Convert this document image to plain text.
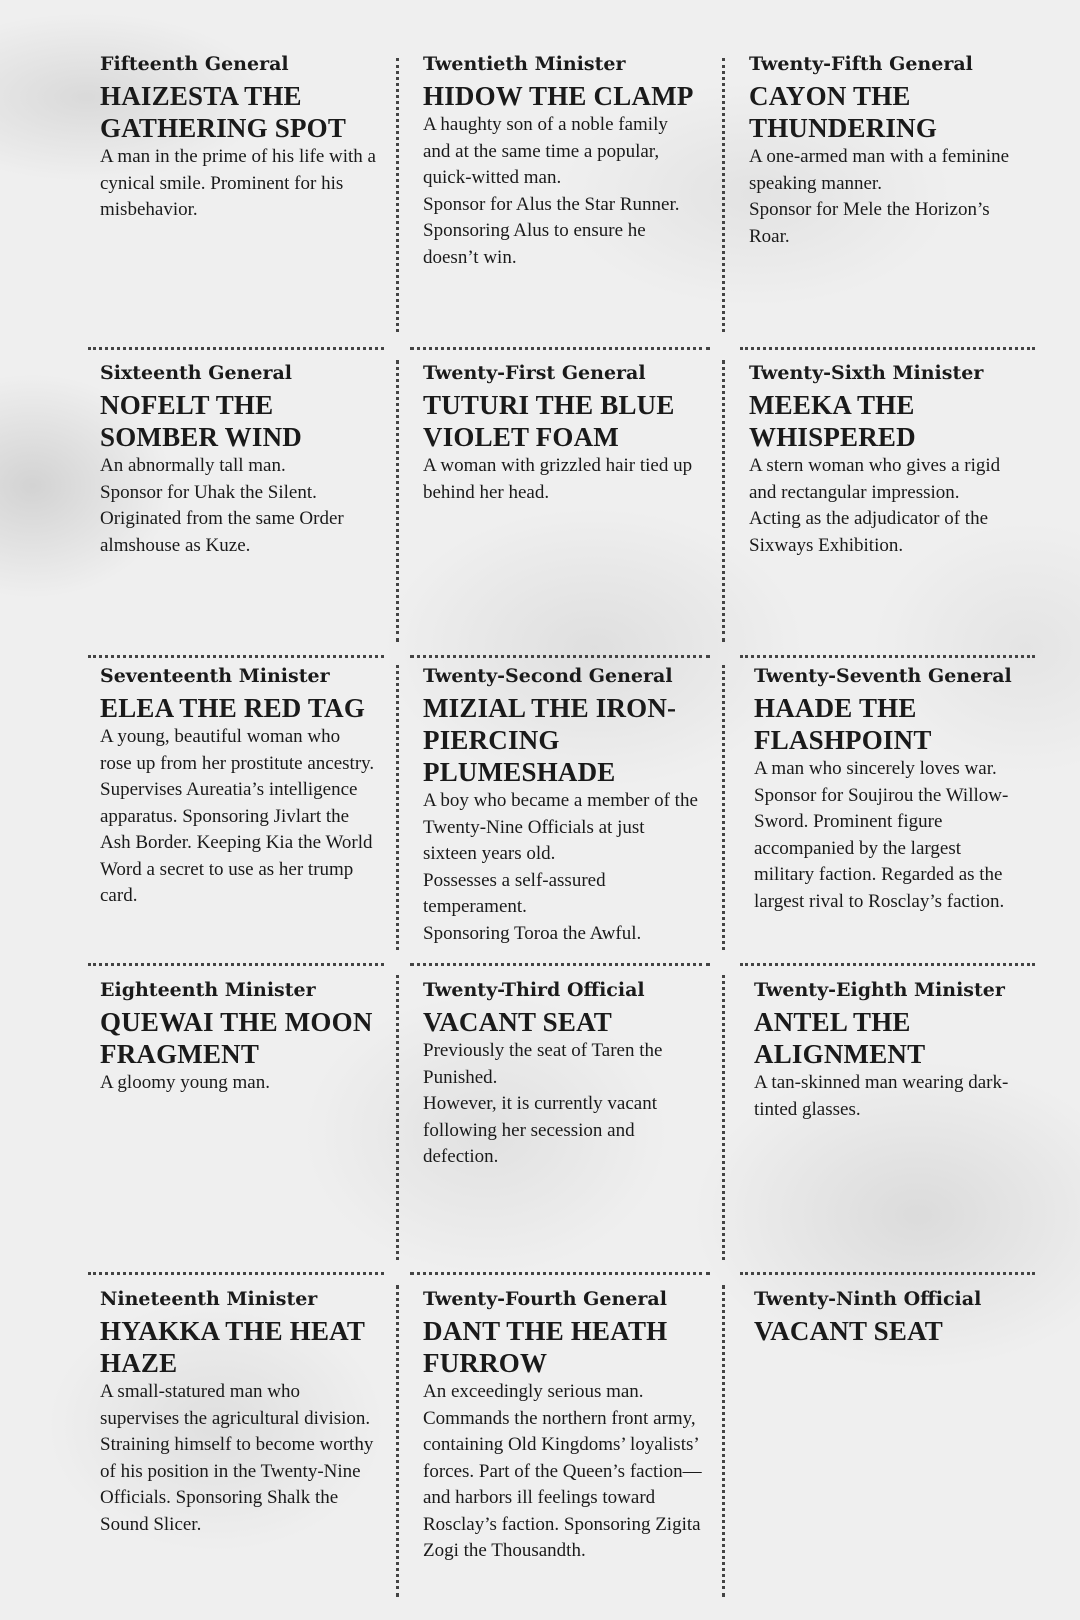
Fifteenth General

HAIZESTA THE GATHERING SPOT

A man in the prime of his life with a cynical smile. Prominent for his misbehavior.

Twentieth Minister

HIDOW THE CLAMP

A haughty son of a noble family and at the same time a popular, quick-witted man.
Sponsor for Alus the Star Runner.
Sponsoring Alus to ensure he doesn’t win.

Twenty-Fifth General

CAYON THE THUNDERING

A one-armed man with a feminine speaking manner.
Sponsor for Mele the Horizon’s Roar.

Sixteenth General

NOFELT THE SOMBER WIND

An abnormally tall man.
Sponsor for Uhak the Silent.
Originated from the same Order almshouse as Kuze.

Twenty-First General

TUTURI THE BLUE VIOLET FOAM

A woman with grizzled hair tied up behind her head.

Twenty-Sixth Minister

MEEKA THE WHISPERED

A stern woman who gives a rigid and rectangular impression.
Acting as the adjudicator of the Sixways Exhibition.

Seventeenth Minister

ELEA THE RED TAG

A young, beautiful woman who rose up from her prostitute ancestry. Supervises Aureatia’s intelligence apparatus. Sponsoring Jivlart the Ash Border. Keeping Kia the World Word a secret to use as her trump card.

Twenty-Second General

MIZIAL THE IRON-PIERCING PLUMESHADE

A boy who became a member of the Twenty-Nine Officials at just sixteen years old.
Possesses a self-assured temperament.
Sponsoring Toroa the Awful.

Twenty-Seventh General

HAADE THE FLASHPOINT

A man who sincerely loves war. Sponsor for Soujirou the Willow-Sword. Prominent figure accompanied by the largest military faction. Regarded as the largest rival to Rosclay’s faction.

Eighteenth Minister

QUEWAI THE MOON FRAGMENT

A gloomy young man.

Twenty-Third Official

VACANT SEAT

Previously the seat of Taren the Punished.
However, it is currently vacant following her secession and defection.

Twenty-Eighth Minister

ANTEL THE ALIGNMENT

A tan-skinned man wearing dark-tinted glasses.

Nineteenth Minister

HYAKKA THE HEAT HAZE

A small-statured man who supervises the agricultural division. Straining himself to become worthy of his position in the Twenty-Nine Officials. Sponsoring Shalk the Sound Slicer.

Twenty-Fourth General

DANT THE HEATH FURROW

An exceedingly serious man. Commands the northern front army, containing Old Kingdoms’ loyalists’ forces. Part of the Queen’s faction—and harbors ill feelings toward Rosclay’s faction. Sponsoring Zigita Zogi the Thousandth.

Twenty-Ninth Official

VACANT SEAT
